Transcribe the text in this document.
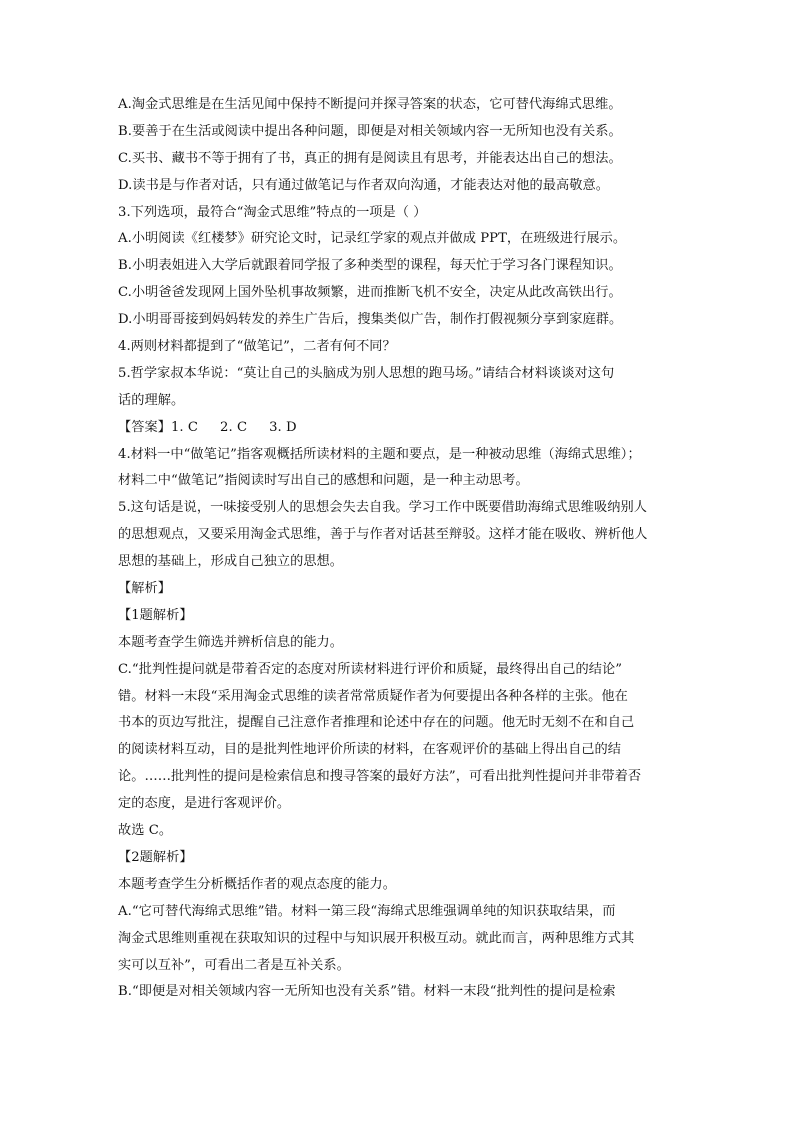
A.淘金式思维是在生活见闻中保持不断提问并探寻答案的状态，它可替代海绵式思维。
B.要善于在生活或阅读中提出各种问题，即便是对相关领域内容一无所知也没有关系。
C.买书、藏书不等于拥有了书，真正的拥有是阅读且有思考，并能表达出自己的想法。
D.读书是与作者对话，只有通过做笔记与作者双向沟通，才能表达对他的最高敬意。
3.下列选项，最符合“淘金式思维”特点的一项是（ ）
A.小明阅读《红楼梦》研究论文时，记录红学家的观点并做成 PPT，在班级进行展示。
B.小明表姐进入大学后就跟着同学报了多种类型的课程，每天忙于学习各门课程知识。
C.小明爸爸发现网上国外坠机事故频繁，进而推断飞机不安全，决定从此改高铁出行。
D.小明哥哥接到妈妈转发的养生广告后，搜集类似广告，制作打假视频分享到家庭群。
4.两则材料都提到了“做笔记”，二者有何不同？
5.哲学家叔本华说：“莫让自己的头脑成为别人思想的跑马场。”请结合材料谈谈对这句
话的理解。
【答案】1. C 2. C 3. D
4.材料一中“做笔记”指客观概括所读材料的主题和要点，是一种被动思维（海绵式思维）；
材料二中“做笔记”指阅读时写出自己的感想和问题，是一种主动思考。
5.这句话是说，一味接受别人的思想会失去自我。学习工作中既要借助海绵式思维吸纳别人
的思想观点，又要采用淘金式思维，善于与作者对话甚至辩驳。这样才能在吸收、辨析他人
思想的基础上，形成自己独立的思想。
【解析】
【1题解析】
本题考查学生筛选并辨析信息的能力。
C.“批判性提问就是带着否定的态度对所读材料进行评价和质疑，最终得出自己的结论”
错。材料一末段“采用淘金式思维的读者常常质疑作者为何要提出各种各样的主张。他在
书本的页边写批注，提醒自己注意作者推理和论述中存在的问题。他无时无刻不在和自己
的阅读材料互动，目的是批判性地评价所读的材料，在客观评价的基础上得出自己的结
论。……批判性的提问是检索信息和搜寻答案的最好方法”，可看出批判性提问并非带着否
定的态度，是进行客观评价。
故选 C。
【2题解析】
本题考查学生分析概括作者的观点态度的能力。
A.“它可替代海绵式思维”错。材料一第三段“海绵式思维强调单纯的知识获取结果，而
淘金式思维则重视在获取知识的过程中与知识展开积极互动。就此而言，两种思维方式其
实可以互补”，可看出二者是互补关系。
B.“即便是对相关领域内容一无所知也没有关系”错。材料一末段“批判性的提问是检索
